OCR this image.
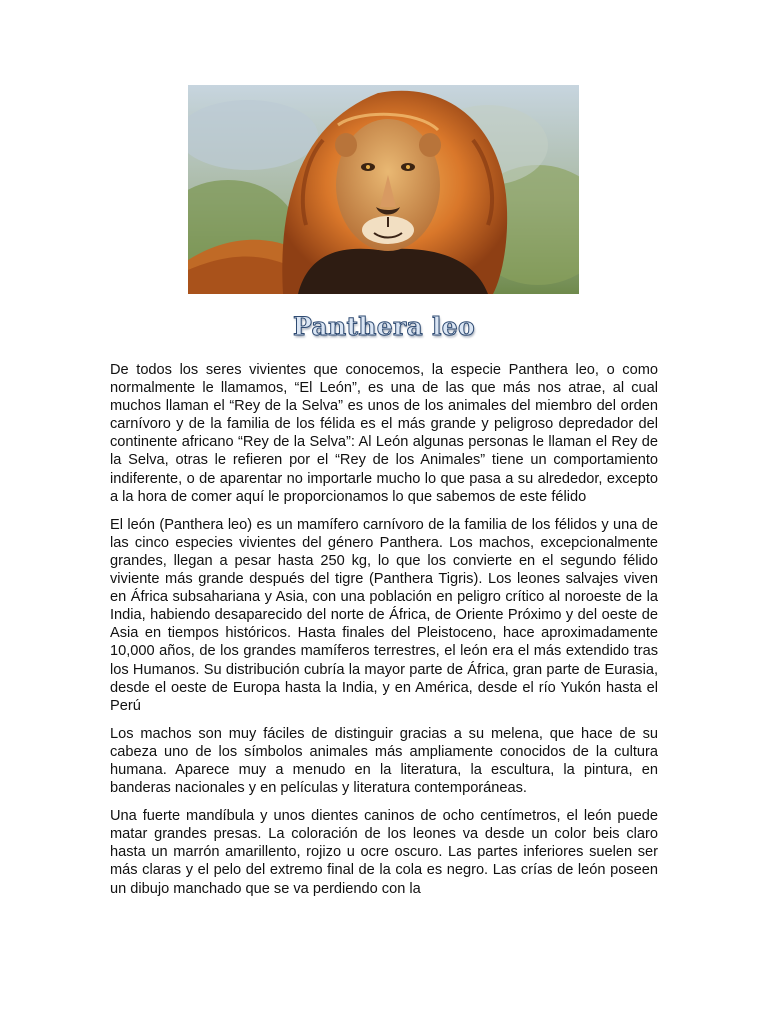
Panthera leo

De todos los seres vivientes que conocemos, la especie Panthera leo, o como normalmente le llamamos, “El León”, es una de las que más nos atrae, al cual muchos llaman el “Rey de la Selva” es unos de los animales del miembro del orden carnívoro y de la familia de los félida es el más grande y peligroso depredador del continente africano “Rey de la Selva”: Al León algunas personas le llaman el Rey de la Selva, otras le refieren por el “Rey de los Animales” tiene un comportamiento indiferente, o de aparentar no importarle mucho lo que pasa a su alrededor, excepto a la hora de comer aquí le proporcionamos lo que sabemos de este félido

El león (Panthera leo) es un mamífero carnívoro de la familia de los félidos y una de las cinco especies vivientes del género Panthera. Los machos, excepcionalmente grandes, llegan a pesar hasta 250 kg, lo que los convierte en el segundo félido viviente más grande después del tigre (Panthera Tigris). Los leones salvajes viven en África subsahariana y Asia, con una población en peligro crítico al noroeste de la India, habiendo desaparecido del norte de África, de Oriente Próximo y del oeste de Asia en tiempos históricos. Hasta finales del Pleistoceno, hace aproximadamente 10,000 años, de los grandes mamíferos terrestres, el león era el más extendido tras los Humanos. Su distribución cubría la mayor parte de África, gran parte de Eurasia, desde el oeste de Europa hasta la India, y en América, desde el río Yukón hasta el Perú

Los machos son muy fáciles de distinguir gracias a su melena, que hace de su cabeza uno de los símbolos animales más ampliamente conocidos de la cultura humana. Aparece muy a menudo en la literatura, la escultura, la pintura, en banderas nacionales y en películas y literatura contemporáneas.

Una fuerte mandíbula y unos dientes caninos de ocho centímetros, el león puede matar grandes presas. La coloración de los leones va desde un color beis claro hasta un marrón amarillento, rojizo u ocre oscuro. Las partes inferiores suelen ser más claras y el pelo del extremo final de la cola es negro. Las crías de león poseen un dibujo manchado que se va perdiendo con la
